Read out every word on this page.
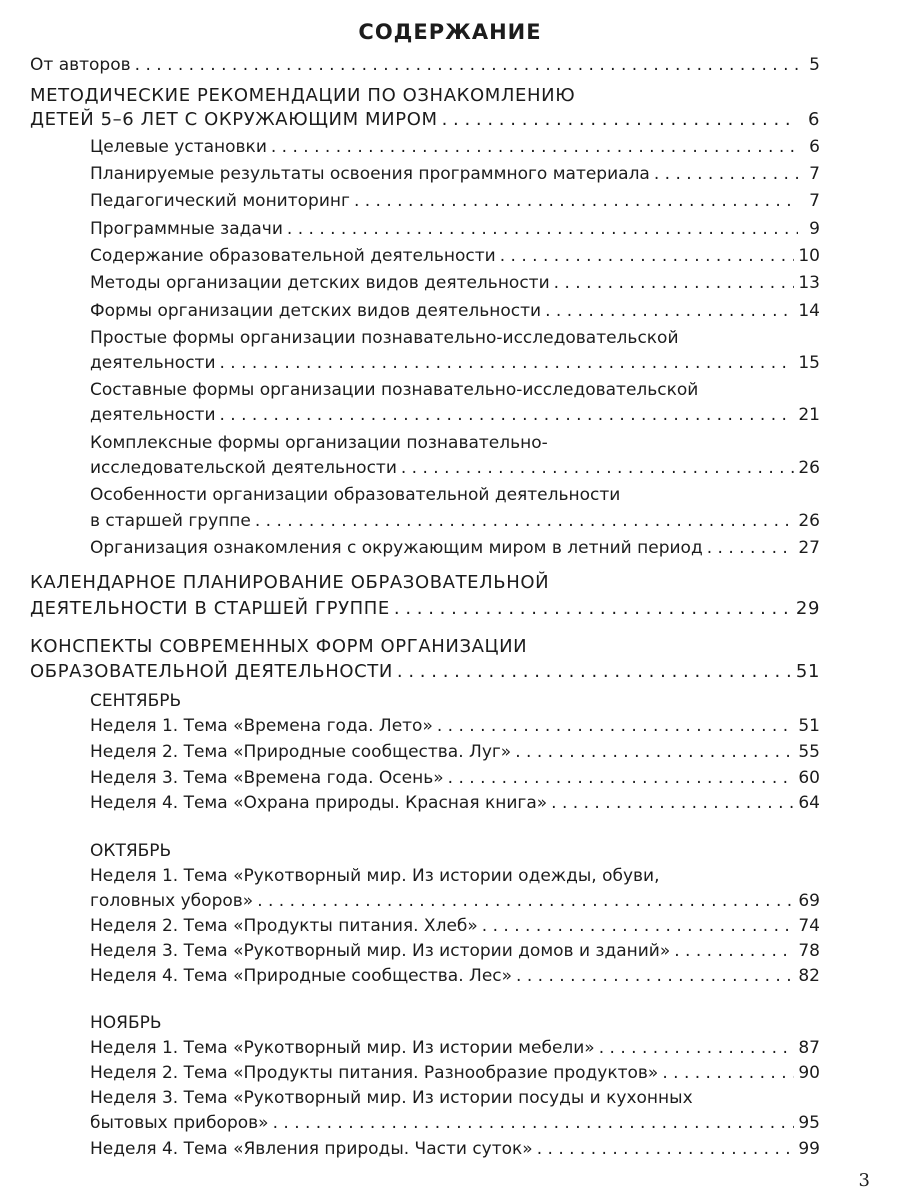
СОДЕРЖАНИЕ
От авторов . . .	5
МЕТОДИЧЕСКИЕ РЕКОМЕНДАЦИИ ПО ОЗНАКОМЛЕНИЮ
ДЕТЕЙ 5–6 ЛЕТ С ОКРУЖАЮЩИМ МИРОМ . . .	6
Целевые установки . . .	6
Планируемые результаты освоения программного материала . . .	7
Педагогический мониторинг . . .	7
Программные задачи . . .	9
Содержание образовательной деятельности . . .	10
Методы организации детских видов деятельности . . .	13
Формы организации детских видов деятельности . . .	14
Простые формы организации познавательно-исследовательской
деятельности . . .	15
Составные формы организации познавательно-исследовательской
деятельности . . .	21
Комплексные формы организации познавательно-
исследовательской деятельности . . .	26
Особенности организации образовательной деятельности
в старшей группе . . .	26
Организация ознакомления с окружающим миром в летний период . . .	27
КАЛЕНДАРНОЕ ПЛАНИРОВАНИЕ ОБРАЗОВАТЕЛЬНОЙ
ДЕЯТЕЛЬНОСТИ В СТАРШЕЙ ГРУППЕ . . .	29
КОНСПЕКТЫ СОВРЕМЕННЫХ ФОРМ ОРГАНИЗАЦИИ
ОБРАЗОВАТЕЛЬНОЙ ДЕЯТЕЛЬНОСТИ . . .	51
СЕНТЯБРЬ
Неделя 1. Тема «Времена года. Лето» . . .	51
Неделя 2. Тема «Природные сообщества. Луг» . . .	55
Неделя 3. Тема «Времена года. Осень» . . .	60
Неделя 4. Тема «Охрана природы. Красная книга» . . .	64
ОКТЯБРЬ
Неделя 1. Тема «Рукотворный мир. Из истории одежды, обуви,
головных уборов» . . .	69
Неделя 2. Тема «Продукты питания. Хлеб» . . .	74
Неделя 3. Тема «Рукотворный мир. Из истории домов и зданий» . . .	78
Неделя 4. Тема «Природные сообщества. Лес» . . .	82
НОЯБРЬ
Неделя 1. Тема «Рукотворный мир. Из истории мебели» . . .	87
Неделя 2. Тема «Продукты питания. Разнообразие продуктов» . . .	90
Неделя 3. Тема «Рукотворный мир. Из истории посуды и кухонных
бытовых приборов» . . .	95
Неделя 4. Тема «Явления природы. Части суток» . . .	99
3
